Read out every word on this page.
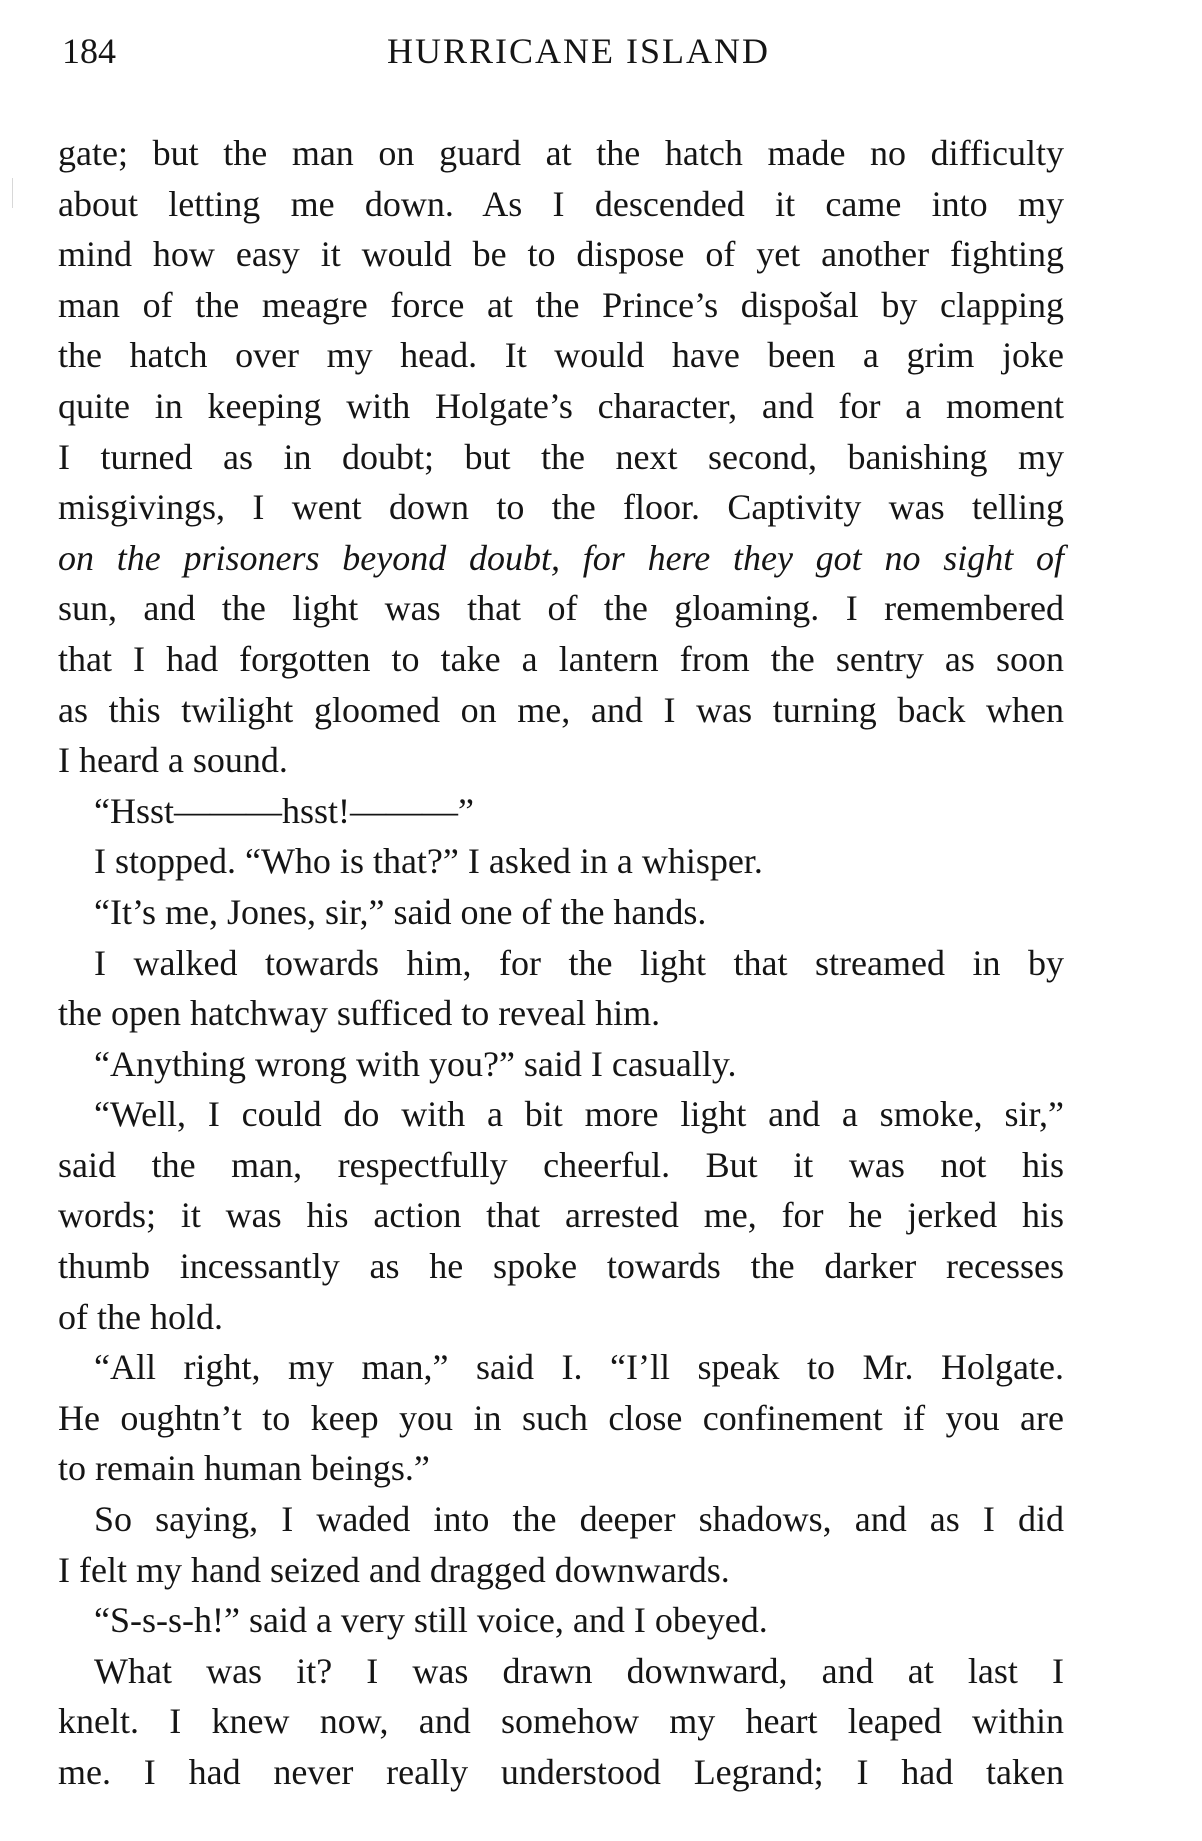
184	HURRICANE ISLAND
gate; but the man on guard at the hatch made no difficulty
about letting me down. As I descended it came into my
mind how easy it would be to dispose of yet another fighting
man of the meagre force at the Prince’s dispošal by clapping
the hatch over my head. It would have been a grim joke
quite in keeping with Holgate’s character, and for a moment
I turned as in doubt; but the next second, banishing my
misgivings, I went down to the floor. Captivity was telling
on the prisoners beyond doubt, for here they got no sight of
sun, and the light was that of the gloaming. I remembered
that I had forgotten to take a lantern from the sentry as soon
as this twilight gloomed on me, and I was turning back when
I heard a sound.
“Hsst———hsst!———”
I stopped. “Who is that?” I asked in a whisper.
“It’s me, Jones, sir,” said one of the hands.
I walked towards him, for the light that streamed in by
the open hatchway sufficed to reveal him.
“Anything wrong with you?” said I casually.
“Well, I could do with a bit more light and a smoke, sir,”
said the man, respectfully cheerful. But it was not his
words; it was his action that arrested me, for he jerked his
thumb incessantly as he spoke towards the darker recesses
of the hold.
“All right, my man,” said I. “I’ll speak to Mr. Holgate.
He oughtn’t to keep you in such close confinement if you are
to remain human beings.”
So saying, I waded into the deeper shadows, and as I did
I felt my hand seized and dragged downwards.
“S-s-s-h!” said a very still voice, and I obeyed.
What was it? I was drawn downward, and at last I
knelt. I knew now, and somehow my heart leaped within
me. I had never really understood Legrand; I had taken
